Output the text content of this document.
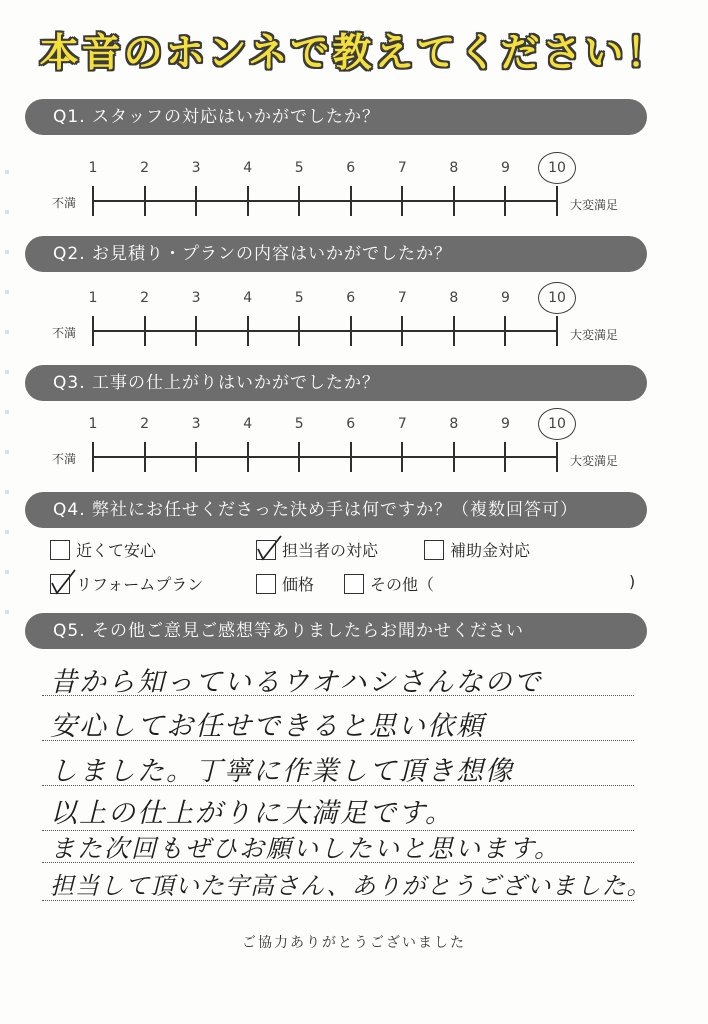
本音のホンネで教えてください！
Q1. スタッフの対応はいかがでしたか？
不満	大変満足
1	2	3	4	5	6	7	8	9	10
Q2. お見積り・プランの内容はいかがでしたか？
不満	大変満足
1	2	3	4	5	6	7	8	9	10
Q3. 工事の仕上がりはいかがでしたか？
不満	大変満足
1	2	3	4	5	6	7	8	9	10
Q4. 弊社にお任せくださった決め手は何ですか？（複数回答可）
近くて安心	担当者の対応	補助金対応
リフォームプラン	価格	その他（	)
Q5. その他ご意見ご感想等ありましたらお聞かせください
昔から知っているウオハシさんなので
安心してお任せできると思い依頼
しました。丁寧に作業して頂き想像
以上の仕上がりに大満足です。
また次回もぜひお願いしたいと思います。
担当して頂いた宇高さん、ありがとうございました。
ご協力ありがとうございました
